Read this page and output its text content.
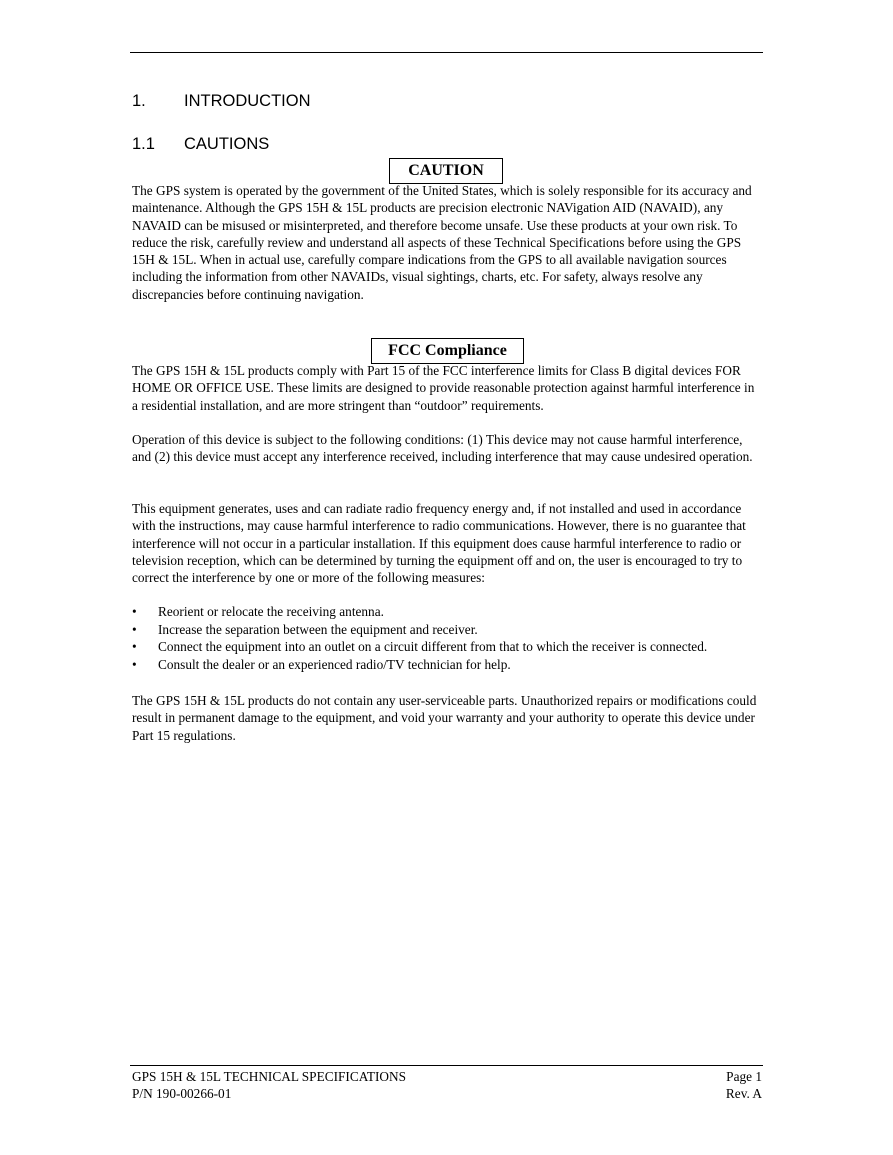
1. INTRODUCTION
1.1 CAUTIONS
CAUTION

The GPS system is operated by the government of the United States, which is solely responsible for its accuracy and maintenance. Although the GPS 15H & 15L products are precision electronic NAVigation AID (NAVAID), any NAVAID can be misused or misinterpreted, and therefore become unsafe. Use these products at your own risk. To reduce the risk, carefully review and understand all aspects of these Technical Specifications before using the GPS 15H & 15L. When in actual use, carefully compare indications from the GPS to all available navigation sources including the information from other NAVAIDs, visual sightings, charts, etc. For safety, always resolve any discrepancies before continuing navigation.

FCC Compliance

The GPS 15H & 15L products comply with Part 15 of the FCC interference limits for Class B digital devices FOR HOME OR OFFICE USE. These limits are designed to provide reasonable protection against harmful interference in a residential installation, and are more stringent than “outdoor” requirements.

Operation of this device is subject to the following conditions: (1) This device may not cause harmful interference, and (2) this device must accept any interference received, including interference that may cause undesired operation.

This equipment generates, uses and can radiate radio frequency energy and, if not installed and used in accordance with the instructions, may cause harmful interference to radio communications. However, there is no guarantee that interference will not occur in a particular installation. If this equipment does cause harmful interference to radio or television reception, which can be determined by turning the equipment off and on, the user is encouraged to try to correct the interference by one or more of the following measures:

• Reorient or relocate the receiving antenna.
• Increase the separation between the equipment and receiver.
• Connect the equipment into an outlet on a circuit different from that to which the receiver is connected.
• Consult the dealer or an experienced radio/TV technician for help.

The GPS 15H & 15L products do not contain any user-serviceable parts. Unauthorized repairs or modifications could result in permanent damage to the equipment, and void your warranty and your authority to operate this device under Part 15 regulations.

GPS 15H & 15L TECHNICAL SPECIFICATIONS	Page 1
P/N 190-00266-01	Rev. A
